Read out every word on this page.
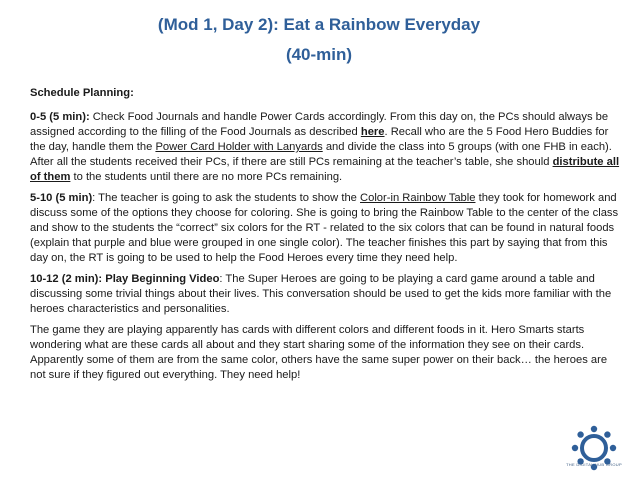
(Mod 1, Day 2): Eat a Rainbow Everyday
(40-min)

Schedule Planning:

0-5 (5 min): Check Food Journals and handle Power Cards accordingly. From this day on, the PCs should always be assigned according to the filling of the Food Journals as described here. Recall who are the 5 Food Hero Buddies for the day, handle them the Power Card Holder with Lanyards and divide the class into 5 groups (with one FHB in each). After all the students received their PCs, if there are still PCs remaining at the teacher’s table, she should distribute all of them to the students until there are no more PCs remaining.

5-10 (5 min): The teacher is going to ask the students to show the Color-in Rainbow Table they took for homework and discuss some of the options they choose for coloring. She is going to bring the Rainbow Table to the center of the class and show to the students the “correct” six colors for the RT - related to the six colors that can be found in natural foods (explain that purple and blue were grouped in one single color). The teacher finishes this part by saying that from this day on, the RT is going to be used to help the Food Heroes every time they need help.

10-12 (2 min): Play Beginning Video: The Super Heroes are going to be playing a card game around a table and discussing some trivial things about their lives. This conversation should be used to get the kids more familiar with the heroes characteristics and personalities.

The game they are playing apparently has cards with different colors and different foods in it. Hero Smarts starts wondering what are these cards all about and they start sharing some of the information they see on their cards. Apparently some of them are from the same color, others have the same super power on their back… the heroes are not sure if they figured out everything. They need help!

THE DIGITAL HUB GROUP
